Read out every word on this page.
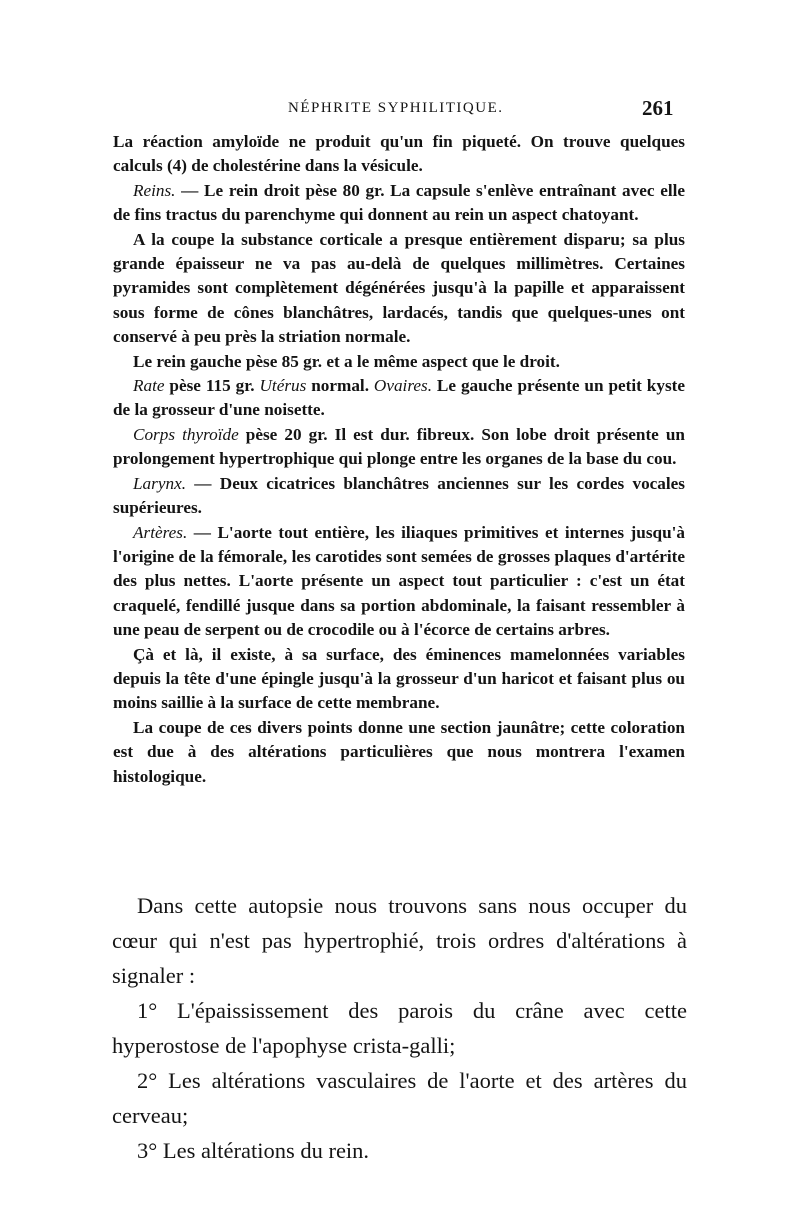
NÉPHRITE SYPHILITIQUE.	261

La réaction amyloïde ne produit qu'un fin piqueté. On trouve quelques calculs (4) de cholestérine dans la vésicule.

Reins. — Le rein droit pèse 80 gr. La capsule s'enlève entraînant avec elle de fins tractus du parenchyme qui donnent au rein un aspect chatoyant.

A la coupe la substance corticale a presque entièrement disparu; sa plus grande épaisseur ne va pas au-delà de quelques millimètres. Certaines pyramides sont complètement dégénérées jusqu'à la papille et apparaissent sous forme de cônes blanchâtres, lardacés, tandis que quelques-unes ont conservé à peu près la striation normale.

Le rein gauche pèse 85 gr. et a le même aspect que le droit.

Rate pèse 115 gr. Utérus normal. Ovaires. Le gauche présente un petit kyste de la grosseur d'une noisette.

Corps thyroïde pèse 20 gr. Il est dur. fibreux. Son lobe droit présente un prolongement hypertrophique qui plonge entre les organes de la base du cou.

Larynx. — Deux cicatrices blanchâtres anciennes sur les cordes vocales supérieures.

Artères. — L'aorte tout entière, les iliaques primitives et internes jusqu'à l'origine de la fémorale, les carotides sont semées de grosses plaques d'artérite des plus nettes. L'aorte présente un aspect tout particulier : c'est un état craquelé, fendillé jusque dans sa portion abdominale, la faisant ressembler à une peau de serpent ou de crocodile ou à l'écorce de certains arbres.

Çà et là, il existe, à sa surface, des éminences mamelonnées variables depuis la tête d'une épingle jusqu'à la grosseur d'un haricot et faisant plus ou moins saillie à la surface de cette membrane.

La coupe de ces divers points donne une section jaunâtre; cette coloration est due à des altérations particulières que nous montrera l'examen histologique.

Dans cette autopsie nous trouvons sans nous occuper du cœur qui n'est pas hypertrophié, trois ordres d'altérations à signaler :

1° L'épaississement des parois du crâne avec cette hyperostose de l'apophyse crista-galli;

2° Les altérations vasculaires de l'aorte et des artères du cerveau;

3° Les altérations du rein.
